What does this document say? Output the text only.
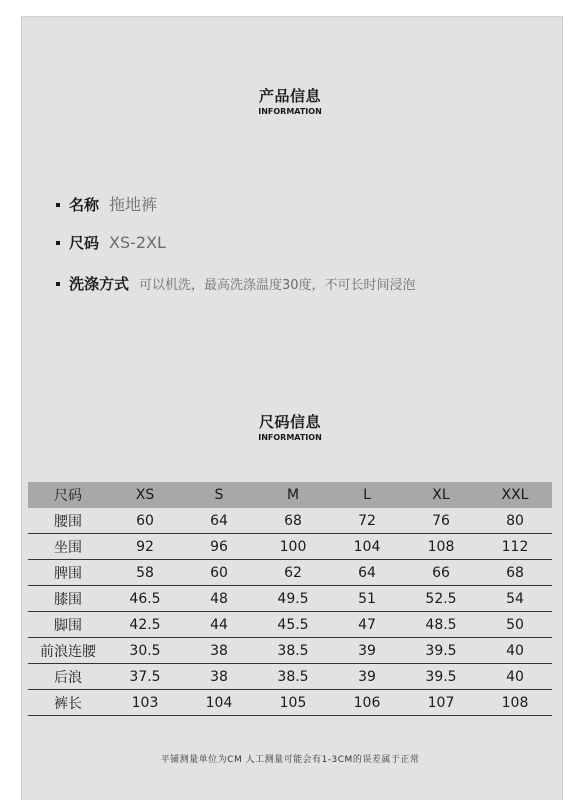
产品信息
INFORMATION
名称 拖地裤
尺码 XS-2XL
洗涤方式 可以机洗，最高洗涤温度30度，不可长时间浸泡
尺码信息
INFORMATION
尺码	XS	S	M	L	XL	XXL
腰围	60	64	68	72	76	80
坐围	92	96	100	104	108	112
脾围	58	60	62	64	66	68
膝围	46.5	48	49.5	51	52.5	54
脚围	42.5	44	45.5	47	48.5	50
前浪连腰	30.5	38	38.5	39	39.5	40
后浪	37.5	38	38.5	39	39.5	40
裤长	103	104	105	106	107	108
平铺测量单位为CM 人工测量可能会有1-3CM的误差属于正常
